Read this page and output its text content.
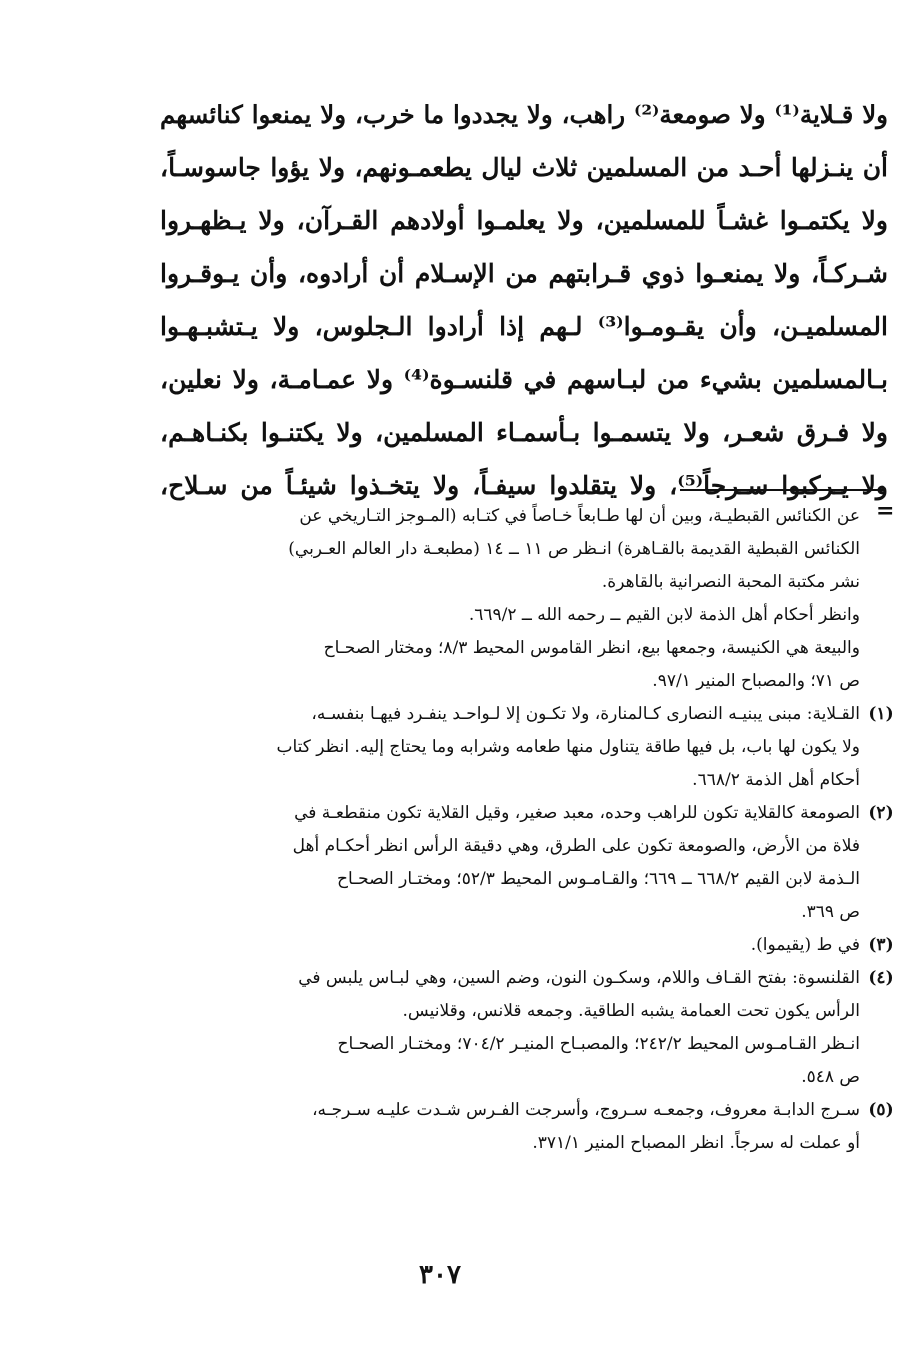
ولا قـلاية⁽¹⁾ ولا صومعة⁽²⁾ راهب، ولا يجددوا ما خرب، ولا يمنعوا كنائسهم
أن ينـزلها أحـد من المسلمين ثلاث ليال يطعمـونهم، ولا يؤوا جاسوسـاً،
ولا يكتمـوا غشـاً للمسلمين، ولا يعلمـوا أولادهم القـرآن، ولا يـظهـروا
شـركـاً، ولا يمنعـوا ذوي قـرابتهم من الإسـلام أن أرادوه، وأن يـوقـروا
المسلميـن، وأن يقـومـوا⁽³⁾ لـهم إذا أرادوا الـجلوس، ولا يـتشبـهـوا
بـالمسلمين بشيء من لبـاسهم في قلنسـوة⁽⁴⁾ ولا عمـامـة، ولا نعلين،
ولا فـرق شعـر، ولا يتسمـوا بـأسمـاء المسلمين، ولا يكتنـوا بكنـاهـم،
ولا يـركبوا سـرجاً⁽⁵⁾، ولا يتقلدوا سيفـاً، ولا يتخـذوا شيئـاً من سـلاح،
=
عن الكنائس القبطيـة، وبين أن لها طـابعاً خـاصاً في كتـابه (المـوجز التـاريخي عن
الكنائس القبطية القديمة بالقـاهرة) انـظر ص ١١ ــ ١٤ (مطبعـة دار العالم العـربي)
نشر مكتبة المحبة النصرانية بالقاهرة.
وانظر أحكام أهل الذمة لابن القيم ــ رحمه الله ــ ٦٦٩/٢.
والبيعة هي الكنيسة، وجمعها بيع، انظر القاموس المحيط ٨/٣؛ ومختار الصحـاح
ص ٧١؛ والمصباح المنير ٩٧/١.
(١)
القـلاية: مبنى يبنيـه النصارى كـالمنارة، ولا تكـون إلا لـواحـد ينفـرد فيهـا بنفسـه،
ولا يكون لها باب، بل فيها طاقة يتناول منها طعامه وشرابه وما يحتاج إليه. انظر كتاب
أحكام أهل الذمة ٦٦٨/٢.
(٢)
الصومعة كالقلاية تكون للراهب وحده، معبد صغير، وقيل القلاية تكون منقطعـة في
فلاة من الأرض، والصومعة تكون على الطرق، وهي دقيقة الرأس انظر أحكـام أهل
الـذمة لابن القيم ٦٦٨/٢ ــ ٦٦٩؛ والقـامـوس المحيط ٥٢/٣؛ ومختـار الصحـاح
ص ٣٦٩.
(٣)
في ط (يقيموا).
(٤)
القلنسوة: بفتح القـاف واللام، وسكـون النون، وضم السين، وهي لبـاس يلبس في
الرأس يكون تحت العمامة يشبه الطاقية. وجمعه قلانس، وقلانيس.
انـظر القـامـوس المحيط ٢٤٢/٢؛ والمصبـاح المنيـر ٧٠٤/٢؛ ومختـار الصحـاح
ص ٥٤٨.
(٥)
سـرج الدابـة معروف، وجمعـه سـروج، وأسرجت الفـرس شـدت عليـه سـرجـه،
أو عملت له سرجاً. انظر المصباح المنير ٣٧١/١.
٣٠٧
